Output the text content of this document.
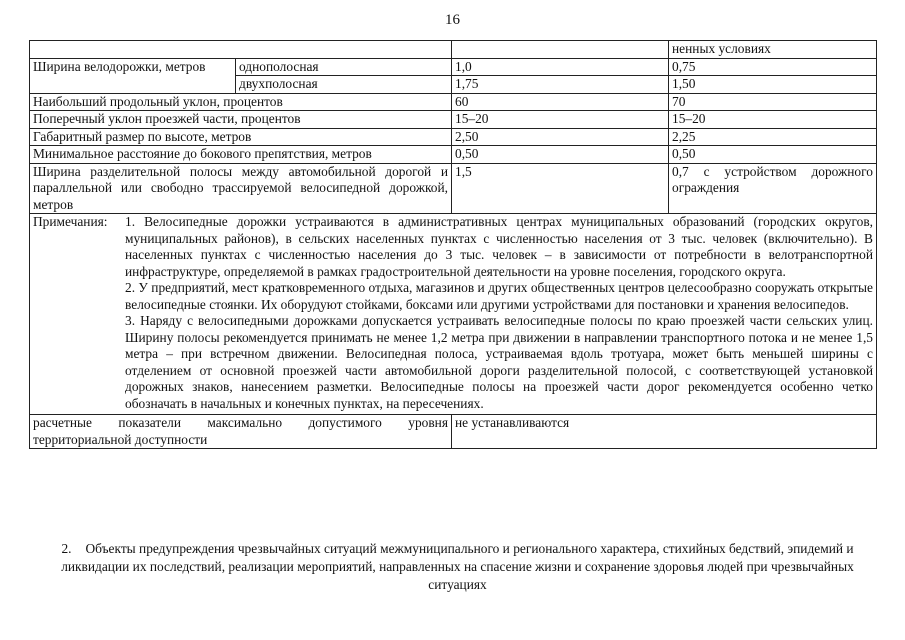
16
			ненных условиях
Ширина велодорожки, метров	однополосная	1,0	0,75
	двухполосная	1,75	1,50
Наибольший продольный уклон, процентов		60	70
Поперечный уклон проезжей части, процентов		15–20	15–20
Габаритный размер по высоте, метров		2,50	2,25
Минимальное расстояние до бокового препятствия, метров		0,50	0,50
Ширина разделительной полосы между автомобильной дорогой и параллельной или свободно трассируемой велосипедной дорожкой, метров		1,5	0,7 с устройством дорожного ограждения

Примечания: 1. Велосипедные дорожки устраиваются в административных центрах муниципальных образований (городских округов, муниципальных районов), в сельских населенных пунктах с численностью населения от 3 тыс. человек (включительно). В населенных пунктах с численностью населения до 3 тыс. человек – в зависимости от потребности в велотранспортной инфраструктуре, определяемой в рамках градостроительной деятельности на уровне поселения, городского округа.

2. У предприятий, мест кратковременного отдыха, магазинов и других общественных центров целесообразно сооружать открытые велосипедные стоянки. Их оборудуют стойками, боксами или другими устройствами для постановки и хранения велосипедов.

3. Наряду с велосипедными дорожками допускается устраивать велосипедные полосы по краю проезжей части сельских улиц. Ширину полосы рекомендуется принимать не менее 1,2 метра при движении в направлении транспортного потока и не менее 1,5 метра – при встречном движении. Велосипедная полоса, устраиваемая вдоль тротуара, может быть меньшей ширины с отделением от основной проезжей части автомобильной дороги разделительной полосой, с соответствующей установкой дорожных знаков, нанесением разметки. Велосипедные полосы на проезжей части дорог рекомендуется особенно четко обозначать в начальных и конечных пунктах, на пересечениях.			

расчетные показатели максимально допустимого уровня территориальной доступности		не устанавливаются	
2. Объекты предупреждения чрезвычайных ситуаций межмуниципального и регионального характера, стихийных бедствий, эпидемий и ликвидации их последствий, реализации мероприятий, направленных на спасение жизни и сохранение здоровья людей при чрезвычайных ситуациях
